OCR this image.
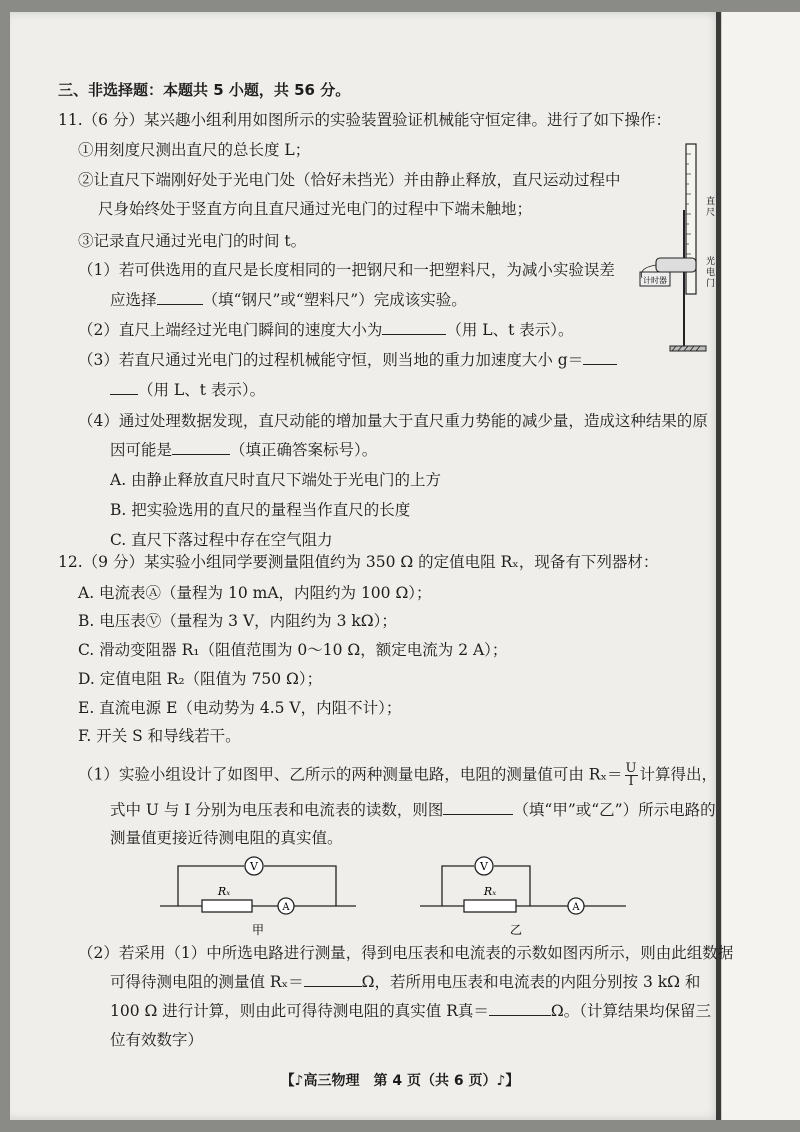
三、非选择题：本题共 5 小题，共 56 分。
11.（6 分）某兴趣小组利用如图所示的实验装置验证机械能守恒定律。进行了如下操作：
①用刻度尺测出直尺的总长度 L；
②让直尺下端刚好处于光电门处（恰好未挡光）并由静止释放，直尺运动过程中
尺身始终处于竖直方向且直尺通过光电门的过程中下端未触地；
③记录直尺通过光电门的时间 t。
（1）若可供选用的直尺是长度相同的一把钢尺和一把塑料尺，为减小实验误差
应选择	（填“钢尺”或“塑料尺”）完成该实验。
（2）直尺上端经过光电门瞬间的速度大小为	（用 L、t 表示）。
（3）若直尺通过光电门的过程机械能守恒，则当地的重力加速度大小 g＝
（用 L、t 表示）。
（4）通过处理数据发现，直尺动能的增加量大于直尺重力势能的减少量，造成这种结果的原
因可能是	（填正确答案标号）。
A. 由静止释放直尺时直尺下端处于光电门的上方
B. 把实验选用的直尺的量程当作直尺的长度
C. 直尺下落过程中存在空气阻力
计时器
直尺
光电门
12.（9 分）某实验小组同学要测量阻值约为 350 Ω 的定值电阻 Rₓ，现备有下列器材：
A. 电流表Ⓐ（量程为 10 mA，内阻约为 100 Ω）；
B. 电压表Ⓥ（量程为 3 V，内阻约为 3 kΩ）；
C. 滑动变阻器 R₁（阻值范围为 0～10 Ω，额定电流为 2 A）；
D. 定值电阻 R₂（阻值为 750 Ω）；
E. 直流电源 E（电动势为 4.5 V，内阻不计）；
F. 开关 S 和导线若干。
（1）实验小组设计了如图甲、乙所示的两种测量电路，电阻的测量值可由 $R_x= \frac{U}{I}$ 计算得出，
式中 U 与 I 分别为电压表和电流表的读数，则图	（填“甲”或“乙”）所示电路的
测量值更接近待测电阻的真实值。
V
Rₓ
A
甲
V
Rₓ
A
乙
（2）若采用（1）中所选电路进行测量，得到电压表和电流表的示数如图丙所示，则由此组数据
可得待测电阻的测量值 Rₓ＝	Ω，若所用电压表和电流表的内阻分别按 3 kΩ 和
100 Ω 进行计算，则由此可得待测电阻的真实值 R真＝	Ω。（计算结果均保留三
位有效数字）
【♪高三物理　第 4 页（共 6 页）♪】
